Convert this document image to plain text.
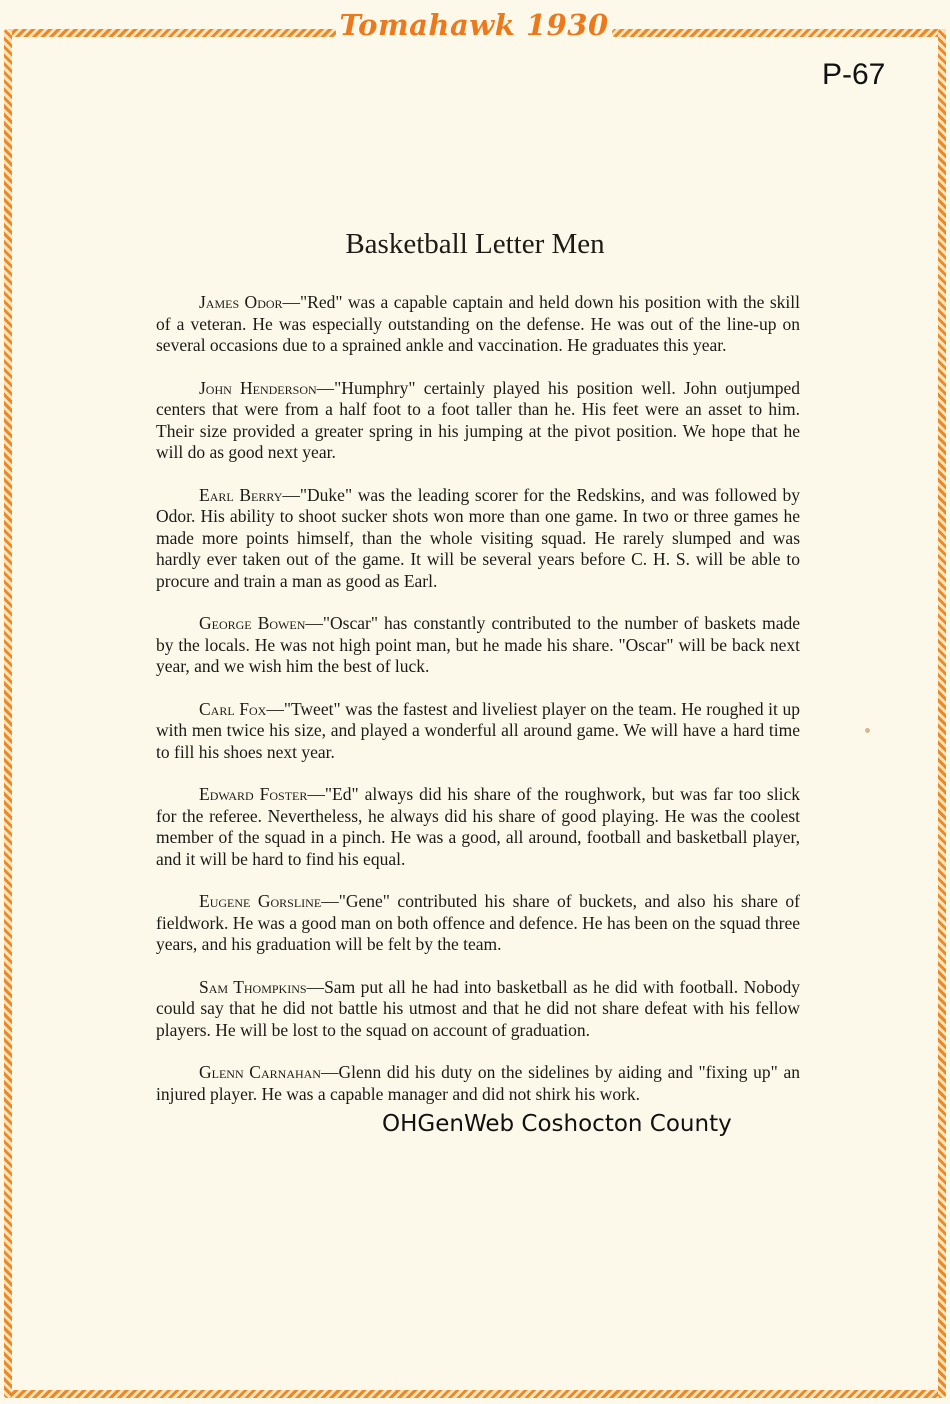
Tomahawk 1930
P-67
Basketball Letter Men

James Odor—"Red" was a capable captain and held down his position with the skill of a veteran. He was especially outstanding on the defense. He was out of the line-up on several occasions due to a sprained ankle and vaccination. He graduates this year.

John Henderson—"Humphry" certainly played his position well. John outjumped centers that were from a half foot to a foot taller than he. His feet were an asset to him. Their size provided a greater spring in his jumping at the pivot position. We hope that he will do as good next year.

Earl Berry—"Duke" was the leading scorer for the Redskins, and was followed by Odor. His ability to shoot sucker shots won more than one game. In two or three games he made more points himself, than the whole visiting squad. He rarely slumped and was hardly ever taken out of the game. It will be several years before C. H. S. will be able to procure and train a man as good as Earl.

George Bowen—"Oscar" has constantly contributed to the number of baskets made by the locals. He was not high point man, but he made his share. "Oscar" will be back next year, and we wish him the best of luck.

Carl Fox—"Tweet" was the fastest and liveliest player on the team. He roughed it up with men twice his size, and played a wonderful all around game. We will have a hard time to fill his shoes next year.

Edward Foster—"Ed" always did his share of the roughwork, but was far too slick for the referee. Nevertheless, he always did his share of good playing. He was the coolest member of the squad in a pinch. He was a good, all around, football and basketball player, and it will be hard to find his equal.

Eugene Gorsline—"Gene" contributed his share of buckets, and also his share of fieldwork. He was a good man on both offence and defence. He has been on the squad three years, and his graduation will be felt by the team.

Sam Thompkins—Sam put all he had into basketball as he did with football. Nobody could say that he did not battle his utmost and that he did not share defeat with his fellow players. He will be lost to the squad on account of graduation.

Glenn Carnahan—Glenn did his duty on the sidelines by aiding and "fixing up" an injured player. He was a capable manager and did not shirk his work.

OHGenWeb Coshocton County
